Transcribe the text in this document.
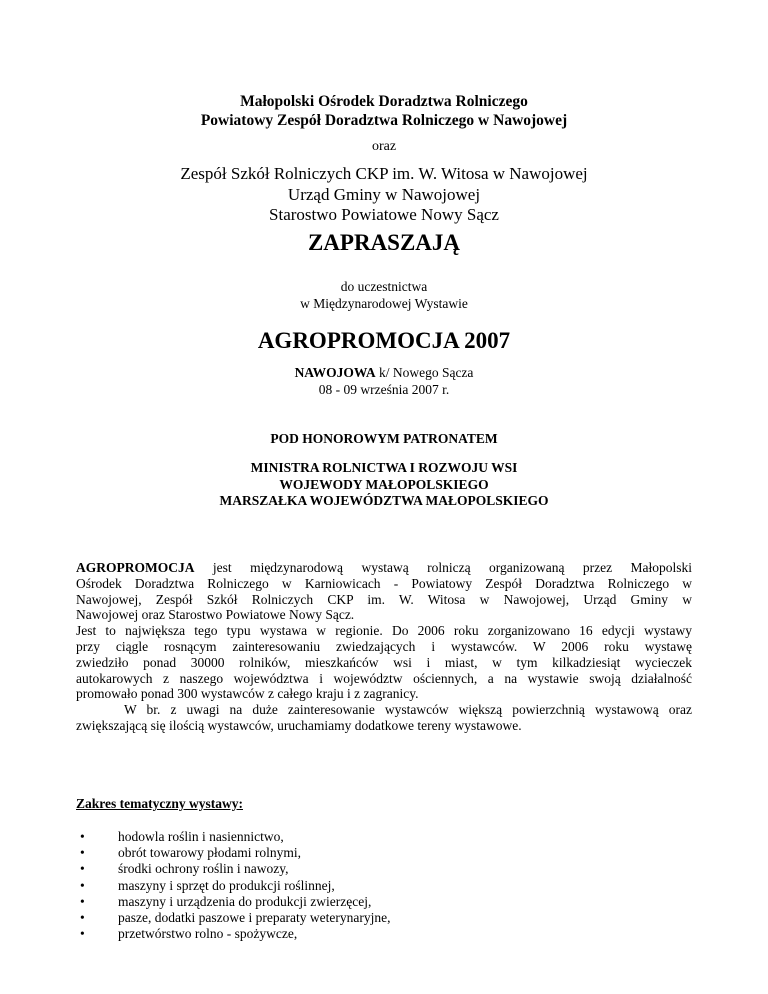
Małopolski Ośrodek Doradztwa Rolniczego
Powiatowy Zespół Doradztwa Rolniczego w Nawojowej
oraz
Zespół Szkół Rolniczych CKP im. W. Witosa w Nawojowej
Urząd Gminy w Nawojowej
Starostwo Powiatowe Nowy Sącz
ZAPRASZAJĄ
do uczestnictwa
w Międzynarodowej Wystawie
AGROPROMOCJA 2007
NAWOJOWA k/ Nowego Sącza
08 - 09 września 2007 r.
POD HONOROWYM PATRONATEM
MINISTRA ROLNICTWA I ROZWOJU WSI
WOJEWODY MAŁOPOLSKIEGO
MARSZAŁKA WOJEWÓDZTWA MAŁOPOLSKIEGO
AGROPROMOCJA jest międzynarodową wystawą rolniczą organizowaną przez Małopolski
Ośrodek Doradztwa Rolniczego w Karniowicach - Powiatowy Zespół Doradztwa Rolniczego w
Nawojowej, Zespół Szkół Rolniczych CKP im. W. Witosa w Nawojowej, Urząd Gminy w
Nawojowej oraz Starostwo Powiatowe Nowy Sącz.
Jest to największa tego typu wystawa w regionie. Do 2006 roku zorganizowano 16 edycji wystawy
przy ciągle rosnącym zainteresowaniu zwiedzających i wystawców. W 2006 roku wystawę
zwiedziło ponad 30000 rolników, mieszkańców wsi i miast, w tym kilkadziesiąt wycieczek
autokarowych z naszego województwa i województw ościennych, a na wystawie swoją działalność
promowało ponad 300 wystawców z całego kraju i z zagranicy.
W br. z uwagi na duże zainteresowanie wystawców większą powierzchnią wystawową oraz
zwiększającą się ilością wystawców, uruchamiamy dodatkowe tereny wystawowe.
Zakres tematyczny wystawy:
• hodowla roślin i nasiennictwo,
• obrót towarowy płodami rolnymi,
• środki ochrony roślin i nawozy,
• maszyny i sprzęt do produkcji roślinnej,
• maszyny i urządzenia do produkcji zwierzęcej,
• pasze, dodatki paszowe i preparaty weterynaryjne,
• przetwórstwo rolno - spożywcze,
